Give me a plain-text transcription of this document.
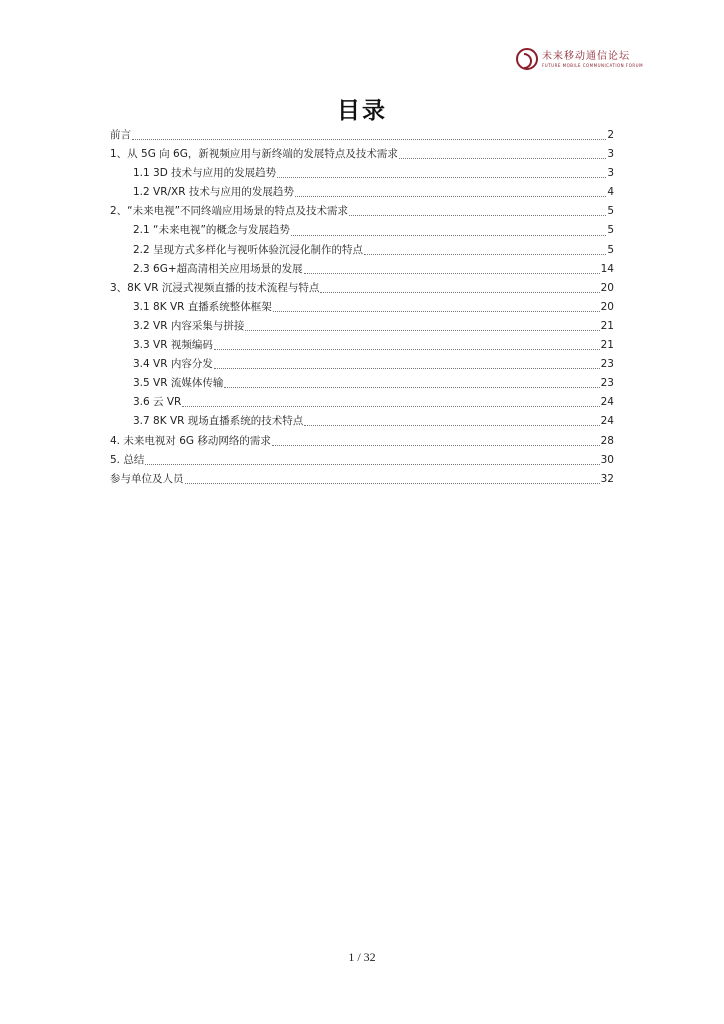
未来移动通信论坛
FUTURE MOBILE COMMUNICATION FORUM
目录
前言	2
1、从 5G 向 6G，新视频应用与新终端的发展特点及技术需求	3
1.1 3D 技术与应用的发展趋势	3
1.2 VR/XR 技术与应用的发展趋势	4
2、“未来电视”不同终端应用场景的特点及技术需求	5
2.1 “未来电视”的概念与发展趋势	5
2.2 呈现方式多样化与视听体验沉浸化制作的特点	5
2.3 6G+超高清相关应用场景的发展	14
3、8K VR 沉浸式视频直播的技术流程与特点	20
3.1 8K VR 直播系统整体框架	20
3.2 VR 内容采集与拼接	21
3.3 VR 视频编码	21
3.4 VR 内容分发	23
3.5 VR 流媒体传输	23
3.6 云 VR	24
3.7 8K VR 现场直播系统的技术特点	24
4. 未来电视对 6G 移动网络的需求	28
5. 总结	30
参与单位及人员	32
1 / 32
